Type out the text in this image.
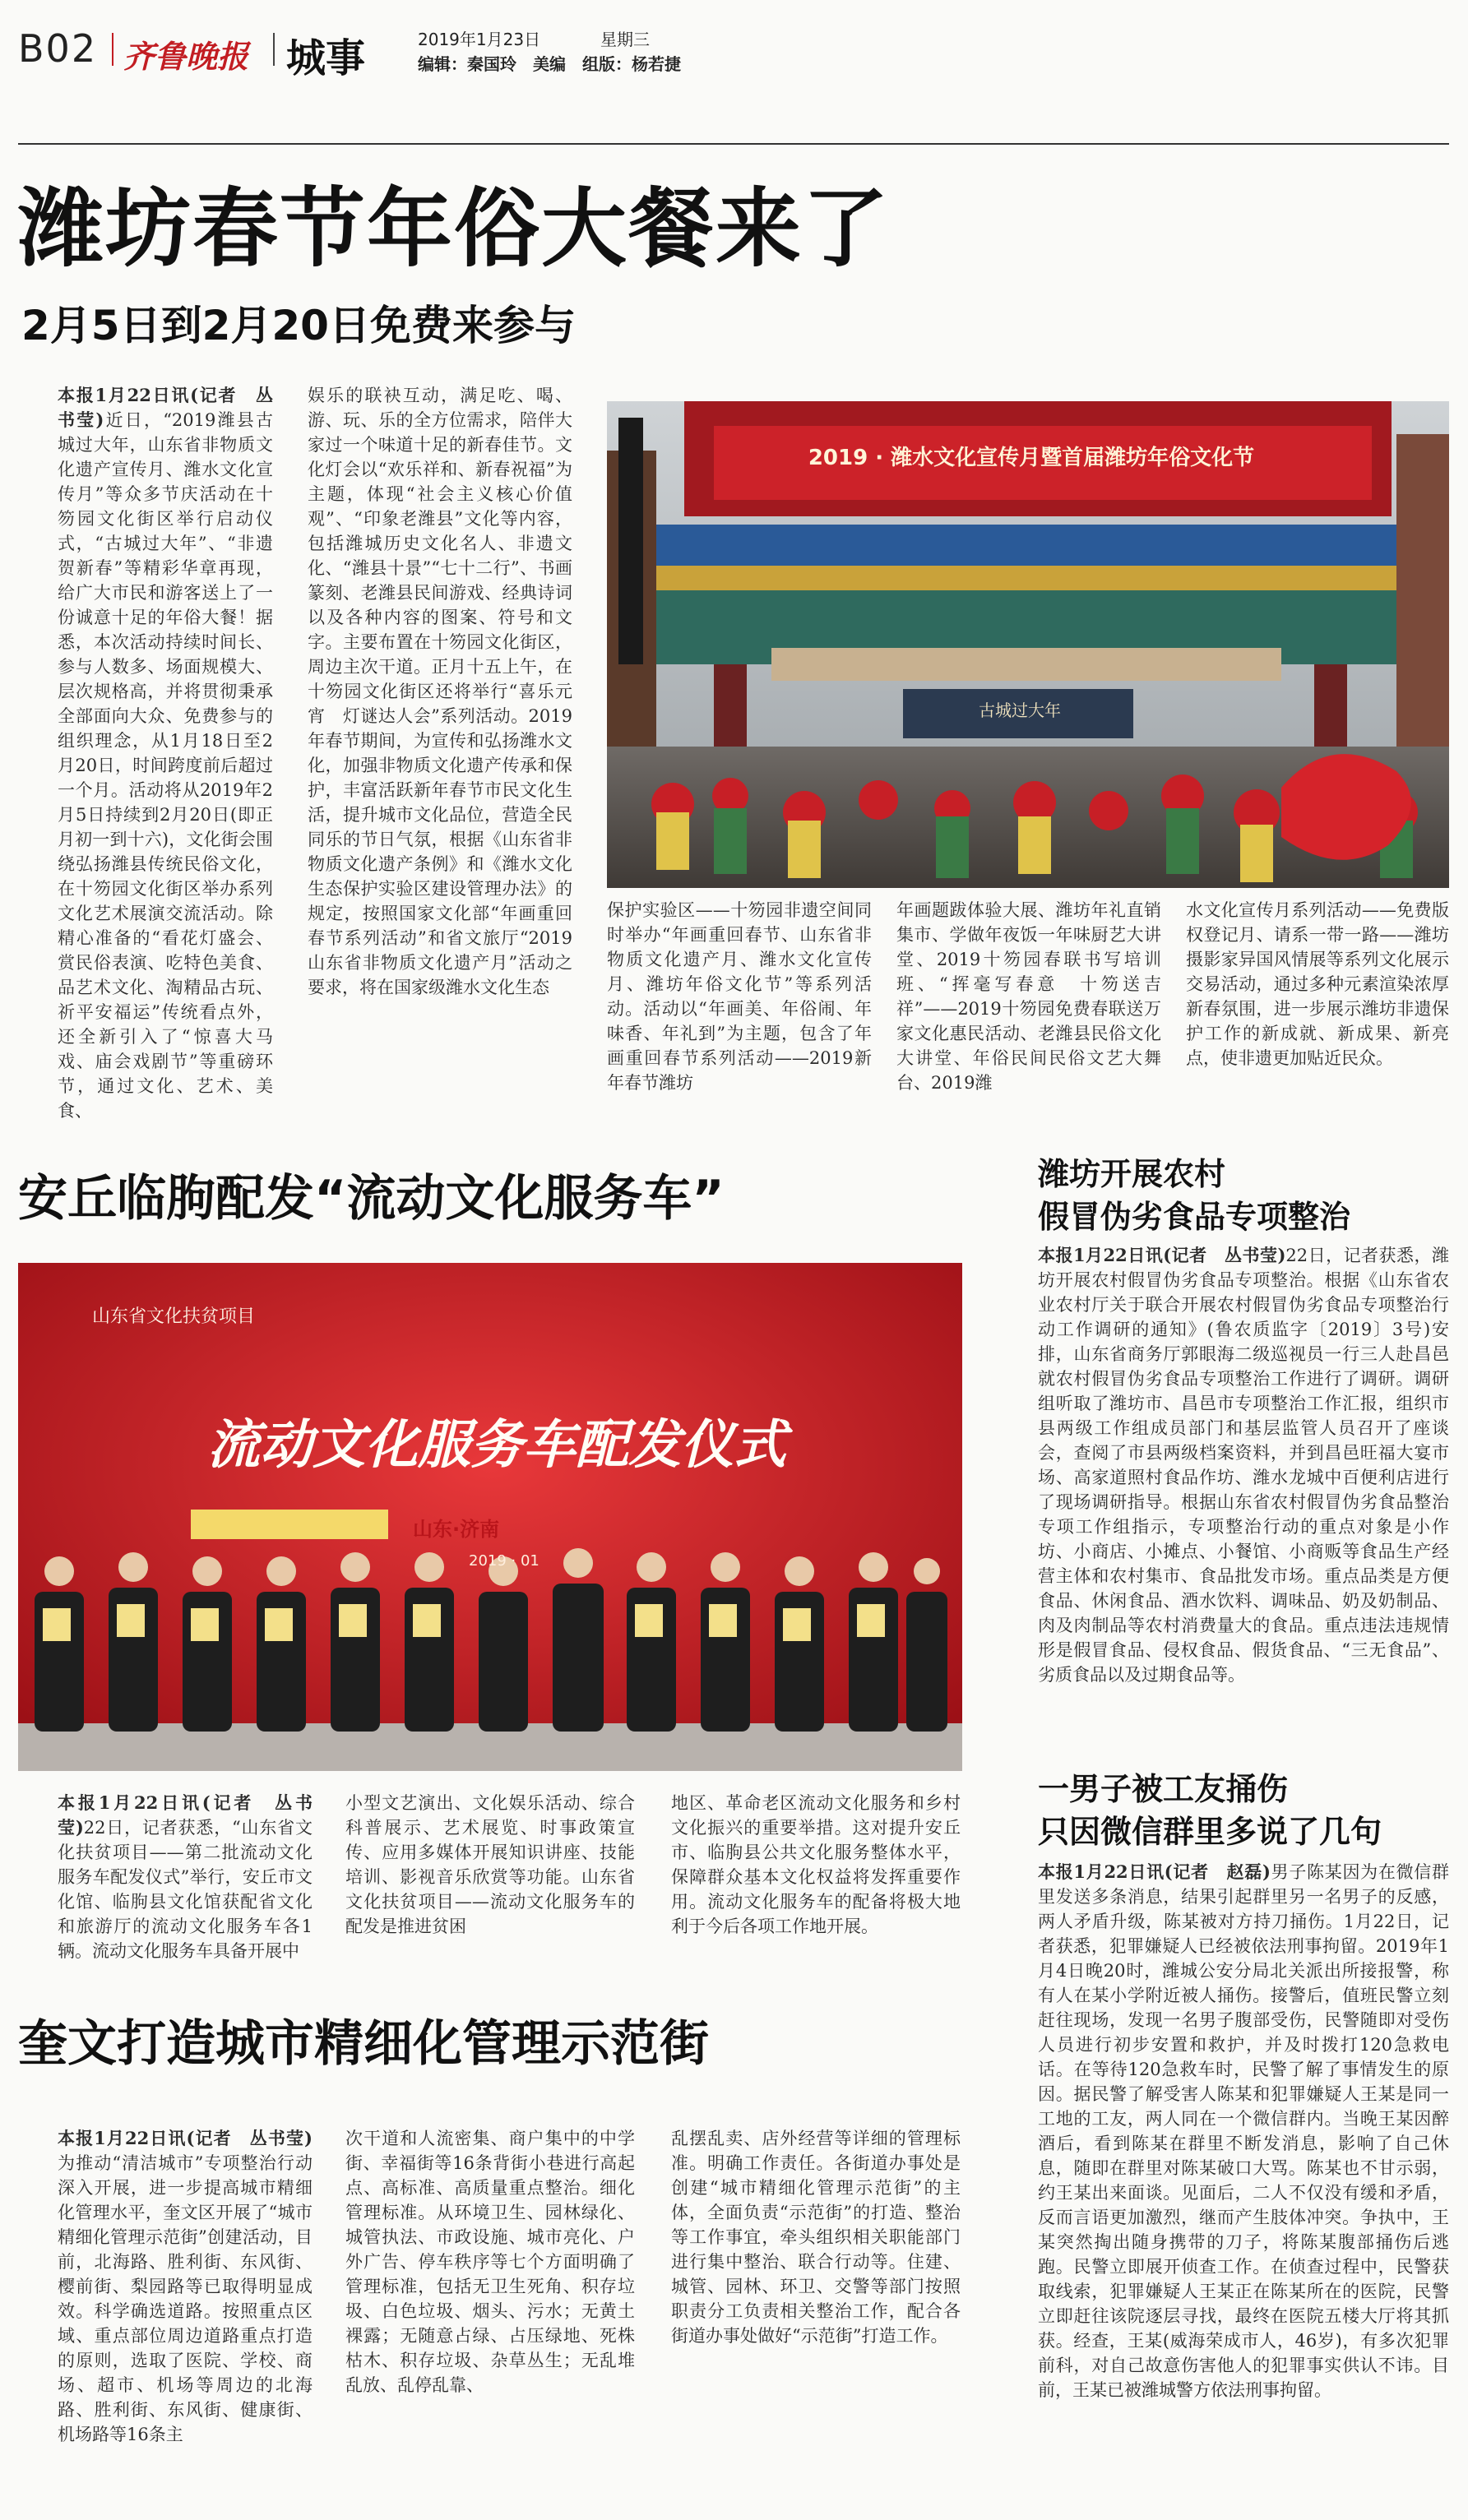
B02 齐鲁晚报 城事	2019年1月23日	星期三
编辑：秦国玲　美编　组版：杨若捷
潍坊春节年俗大餐来了
2月5日到2月20日免费来参与
本报1月22日讯(记者　丛书莹)近日，“2019潍县古城过大年，山东省非物质文化遗产宣传月、潍水文化宣传月”等众多节庆活动在十笏园文化街区举行启动仪式，“古城过大年”、“非遗贺新春”等精彩华章再现，给广大市民和游客送上了一份诚意十足的年俗大餐！据悉，本次活动持续时间长、参与人数多、场面规模大、层次规格高，并将贯彻秉承全部面向大众、免费参与的组织理念，从1月18日至2月20日，时间跨度前后超过一个月。活动将从2019年2月5日持续到2月20日(即正月初一到十六)，文化街会围绕弘扬潍县传统民俗文化，在十笏园文化街区举办系列文化艺术展演交流活动。除精心准备的“看花灯盛会、赏民俗表演、吃特色美食、品艺术文化、淘精品古玩、祈平安福运”传统看点外，还全新引入了“惊喜大马戏、庙会戏剧节”等重磅环节，通过文化、艺术、美食、
娱乐的联袂互动，满足吃、喝、游、玩、乐的全方位需求，陪伴大家过一个味道十足的新春佳节。文化灯会以“欢乐祥和、新春祝福”为主题，体现“社会主义核心价值观”、“印象老潍县”文化等内容，包括潍城历史文化名人、非遗文化、“潍县十景”“七十二行”、书画篆刻、老潍县民间游戏、经典诗词以及各种内容的图案、符号和文字。主要布置在十笏园文化街区，周边主次干道。正月十五上午，在十笏园文化街区还将举行“喜乐元宵　灯谜达人会”系列活动。2019年春节期间，为宣传和弘扬潍水文化，加强非物质文化遗产传承和保护，丰富活跃新年春节市民文化生活，提升城市文化品位，营造全民同乐的节日气氛，根据《山东省非物质文化遗产条例》和《潍水文化生态保护实验区建设管理办法》的规定，按照国家文化部“年画重回春节系列活动”和省文旅厅“2019山东省非物质文化遗产月”活动之要求，将在国家级潍水文化生态
2019 · 潍水文化宣传月暨首届潍坊年俗文化节
古城过大年
保护实验区——十笏园非遗空间同时举办“年画重回春节、山东省非物质文化遗产月、潍水文化宣传月、潍坊年俗文化节”等系列活动。活动以“年画美、年俗闹、年味香、年礼到”为主题，包含了年画重回春节系列活动——2019新年春节潍坊
年画题跋体验大展、潍坊年礼直销集市、学做年夜饭一年味厨艺大讲堂、2019十笏园春联书写培训班、“挥毫写春意　十笏送吉祥”——2019十笏园免费春联送万家文化惠民活动、老潍县民俗文化大讲堂、年俗民间民俗文艺大舞台、2019潍
水文化宣传月系列活动——免费版权登记月、请系一带一路——潍坊摄影家异国风情展等系列文化展示交易活动，通过多种元素渲染浓厚新春氛围，进一步展示潍坊非遗保护工作的新成就、新成果、新亮点，使非遗更加贴近民众。
安丘临朐配发“流动文化服务车”
山东省文化扶贫项目
流动文化服务车配发仪式
山东·济南
2019 · 01
本报1月22日讯(记者　丛书莹)22日，记者获悉，“山东省文化扶贫项目——第二批流动文化服务车配发仪式”举行，安丘市文化馆、临朐县文化馆获配省文化和旅游厅的流动文化服务车各1辆。流动文化服务车具备开展中
小型文艺演出、文化娱乐活动、综合科普展示、艺术展览、时事政策宣传、应用多媒体开展知识讲座、技能培训、影视音乐欣赏等功能。山东省文化扶贫项目——流动文化服务车的配发是推进贫困
地区、革命老区流动文化服务和乡村文化振兴的重要举措。这对提升安丘市、临朐县公共文化服务整体水平，保障群众基本文化权益将发挥重要作用。流动文化服务车的配备将极大地利于今后各项工作地开展。
潍坊开展农村
假冒伪劣食品专项整治
本报1月22日讯(记者　丛书莹)22日，记者获悉，潍坊开展农村假冒伪劣食品专项整治。根据《山东省农业农村厅关于联合开展农村假冒伪劣食品专项整治行动工作调研的通知》(鲁农质监字〔2019〕3号)安排，山东省商务厅郭眼海二级巡视员一行三人赴昌邑就农村假冒伪劣食品专项整治工作进行了调研。调研组听取了潍坊市、昌邑市专项整治工作汇报，组织市县两级工作组成员部门和基层监管人员召开了座谈会，查阅了市县两级档案资料，并到昌邑旺福大宴市场、高家道照村食品作坊、潍水龙城中百便利店进行了现场调研指导。根据山东省农村假冒伪劣食品整治专项工作组指示，专项整治行动的重点对象是小作坊、小商店、小摊点、小餐馆、小商贩等食品生产经营主体和农村集市、食品批发市场。重点品类是方便食品、休闲食品、酒水饮料、调味品、奶及奶制品、肉及肉制品等农村消费量大的食品。重点违法违规情形是假冒食品、侵权食品、假货食品、“三无食品”、劣质食品以及过期食品等。
一男子被工友捅伤
只因微信群里多说了几句
本报1月22日讯(记者　赵磊)男子陈某因为在微信群里发送多条消息，结果引起群里另一名男子的反感，两人矛盾升级，陈某被对方持刀捅伤。1月22日，记者获悉，犯罪嫌疑人已经被依法刑事拘留。2019年1月4日晚20时，潍城公安分局北关派出所接报警，称有人在某小学附近被人捅伤。接警后，值班民警立刻赶往现场，发现一名男子腹部受伤，民警随即对受伤人员进行初步安置和救护，并及时拨打120急救电话。在等待120急救车时，民警了解了事情发生的原因。据民警了解受害人陈某和犯罪嫌疑人王某是同一工地的工友，两人同在一个微信群内。当晚王某因醉酒后，看到陈某在群里不断发消息，影响了自己休息，随即在群里对陈某破口大骂。陈某也不甘示弱，约王某出来面谈。见面后，二人不仅没有缓和矛盾，反而言语更加激烈，继而产生肢体冲突。争执中，王某突然掏出随身携带的刀子，将陈某腹部捅伤后逃跑。民警立即展开侦查工作。在侦查过程中，民警获取线索，犯罪嫌疑人王某正在陈某所在的医院，民警立即赶往该院逐层寻找，最终在医院五楼大厅将其抓获。经查，王某(威海荣成市人，46岁)，有多次犯罪前科，对自己故意伤害他人的犯罪事实供认不讳。目前，王某已被潍城警方依法刑事拘留。
奎文打造城市精细化管理示范街
本报1月22日讯(记者　丛书莹)为推动“清洁城市”专项整治行动深入开展，进一步提高城市精细化管理水平，奎文区开展了“城市精细化管理示范街”创建活动，目前，北海路、胜利街、东风街、樱前街、梨园路等已取得明显成效。科学确选道路。按照重点区域、重点部位周边道路重点打造的原则，选取了医院、学校、商场、超市、机场等周边的北海路、胜利街、东风街、健康街、机场路等16条主
次干道和人流密集、商户集中的中学街、幸福街等16条背街小巷进行高起点、高标准、高质量重点整治。细化管理标准。从环境卫生、园林绿化、城管执法、市政设施、城市亮化、户外广告、停车秩序等七个方面明确了管理标准，包括无卫生死角、积存垃圾、白色垃圾、烟头、污水；无黄土裸露；无随意占绿、占压绿地、死株枯木、积存垃圾、杂草丛生；无乱堆乱放、乱停乱靠、
乱摆乱卖、店外经营等详细的管理标准。明确工作责任。各街道办事处是创建“城市精细化管理示范街”的主体，全面负责“示范街”的打造、整治等工作事宜，牵头组织相关职能部门进行集中整治、联合行动等。住建、城管、园林、环卫、交警等部门按照职责分工负责相关整治工作，配合各街道办事处做好“示范街”打造工作。
